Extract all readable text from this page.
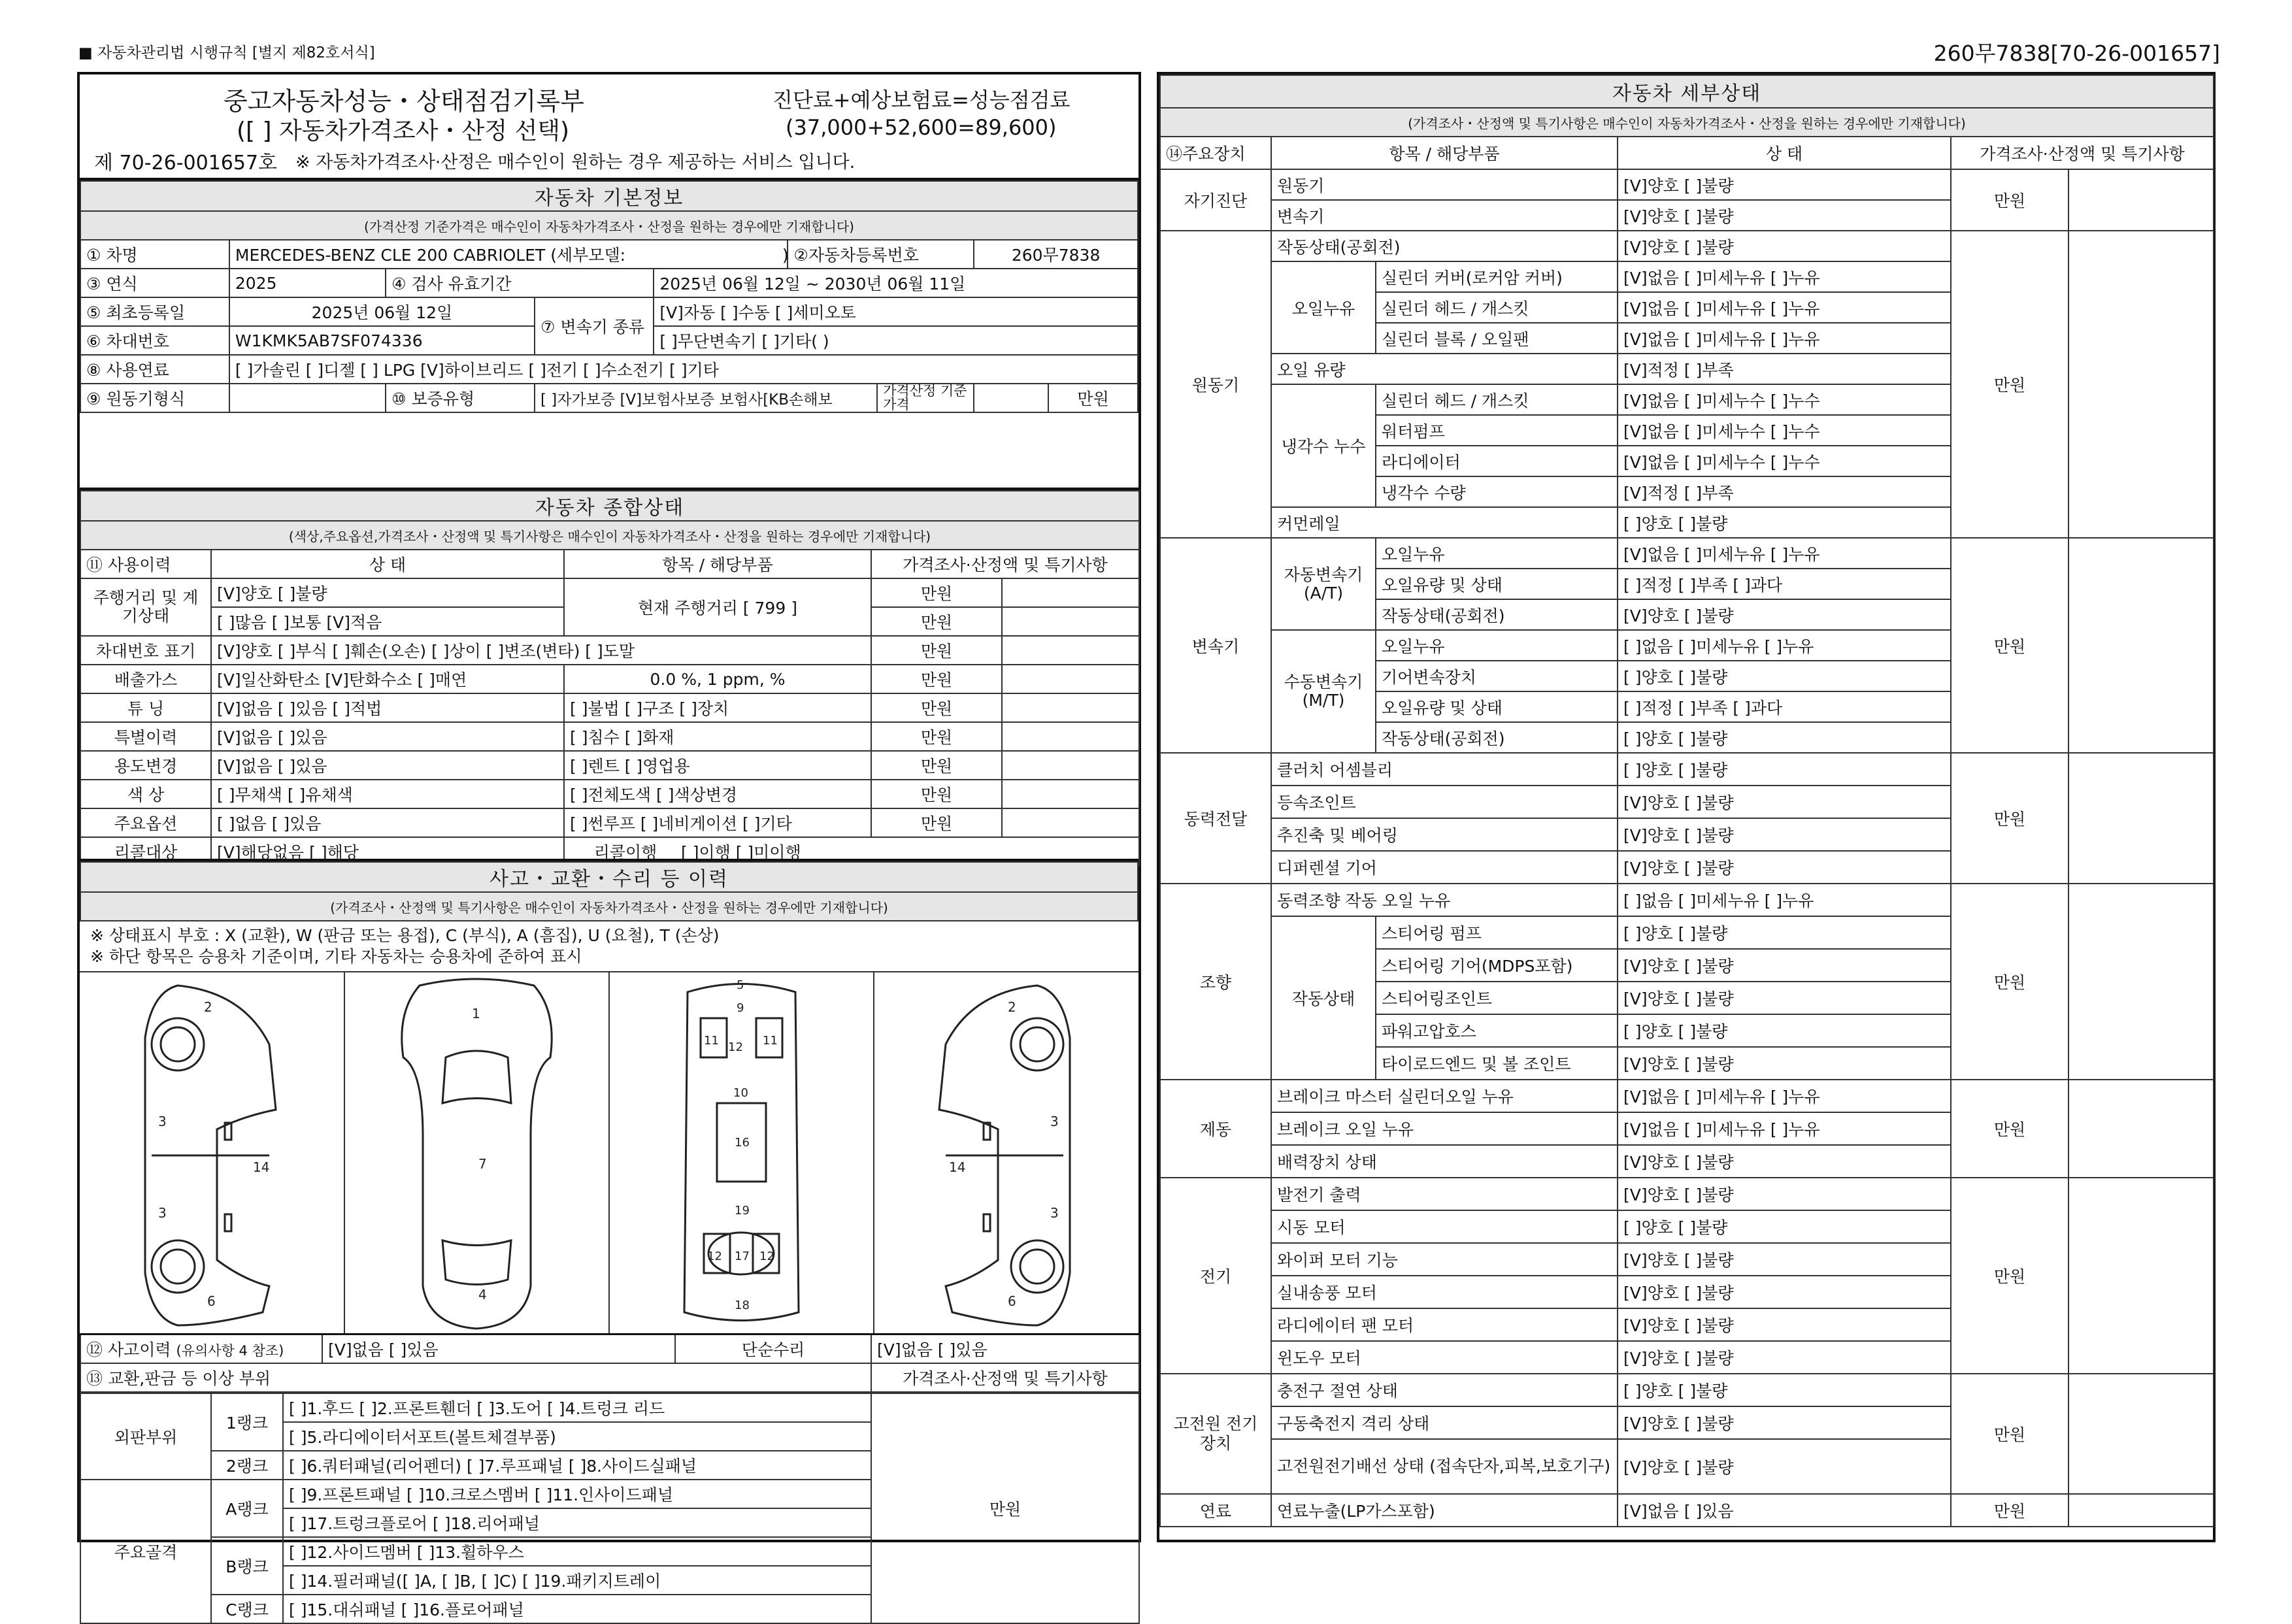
■ 자동차관리법 시행규칙 [별지 제82호서식]	260무7838[70-26-001657]
중고자동차성능・상태점검기록부
([ ] 자동차가격조사・산정 선택)
진단료+예상보험료=성능점검료
(37,000+52,600=89,600)
제 70-26-001657호 ※ 자동차가격조사·산정은 매수인이 원하는 경우 제공하는 서비스 입니다.
자동차 기본정보								
(가격산정 기준가격은 매수인이 자동차가격조사・산정을 원하는 경우에만 기재합니다)								
① 차명	MERCEDES-BENZ CLE 200 CABRIOLET (세부모델: )				②자동차등록번호		260무7838	
③ 연식	2025	④ 검사 유효기간		2025년 06월 12일 ~ 2030년 06월 11일				
⑤ 최초등록일	2025년 06월 12일		⑦ 변속기 종류	[V]자동 [ ]수동 [ ]세미오토				
⑥ 차대번호	W1KMK5AB7SF074336			[ ]무단변속기 [ ]기타( )				
⑧ 사용연료	[ ]가솔린 [ ]디젤 [ ] LPG [V]하이브리드 [ ]전기 [ ]수소전기 [ ]기타							
⑨ 원동기형식		⑩ 보증유형	[ ]자가보증 [V]보험사보증 보험사[KB손해보			가격산정 기준가격		만원
자동차 종합상태				
(색상,주요옵션,가격조사・산정액 및 특기사항은 매수인이 자동차가격조사・산정을 원하는 경우에만 기재합니다)				
⑪ 사용이력	상 태	항목 / 해당부품	가격조사·산정액 및 특기사항	
주행거리 및 계기상태	[V]양호 [ ]불량	현재 주행거리 [ 799 ]	만원	
	[ ]많음 [ ]보통 [V]적음		만원	
차대번호 표기	[V]양호 [ ]부식 [ ]훼손(오손) [ ]상이 [ ]변조(변타) [ ]도말		만원	
배출가스	[V]일산화탄소 [V]탄화수소 [ ]매연	0.0 %, 1 ppm, %	만원	
튜 닝	[V]없음 [ ]있음 [ ]적법	[ ]불법 [ ]구조 [ ]장치	만원	
특별이력	[V]없음 [ ]있음	[ ]침수 [ ]화재	만원	
용도변경	[V]없음 [ ]있음	[ ]렌트 [ ]영업용	만원	
색 상	[ ]무채색 [ ]유채색	[ ]전체도색 [ ]색상변경	만원	
주요옵션	[ ]없음 [ ]있음	[ ]썬루프 [ ]네비게이션 [ ]기타	만원	
리콜대상	[V]해당없음 [ ]해당	리콜이행 [ ]이행 [ ]미이행		
사고・교환・수리 등 이력
(가격조사・산정액 및 특기사항은 매수인이 자동차가격조사・산정을 원하는 경우에만 기재합니다)
※ 상태표시 부호 : X (교환), W (판금 또는 용접), C (부식), A (흠집), U (요철), T (손상)
※ 하단 항목은 승용차 기준이며, 기타 자동차는 승용차에 준하여 표시
2
3
3
14
6
1
7
4
5
9
11	11
12
10
16
19
17
18
12	12
2
3
3
14
6
⑫ 사고이력 (유의사항 4 참조)	[V]없음 [ ]있음	단순수리	[V]없음 [ ]있음
⑬ 교환,판금 등 이상 부위			가격조사·산정액 및 특기사항
외판부위	1랭크	[ ]1.후드 [ ]2.프론트휀더 [ ]3.도어 [ ]4.트렁크 리드	만원
		[ ]5.라디에이터서포트(볼트체결부품)	
	2랭크	[ ]6.쿼터패널(리어펜더) [ ]7.루프패널 [ ]8.사이드실패널	
주요골격	A랭크	[ ]9.프론트패널 [ ]10.크로스멤버 [ ]11.인사이드패널	
		[ ]17.트렁크플로어 [ ]18.리어패널	
	B랭크	[ ]12.사이드멤버 [ ]13.휠하우스	
		[ ]14.필러패널([ ]A, [ ]B, [ ]C) [ ]19.패키지트레이	
	C랭크	[ ]15.대쉬패널 [ ]16.플로어패널	
자동차 세부상태					
(가격조사・산정액 및 특기사항은 매수인이 자동차가격조사・산정을 원하는 경우에만 기재합니다)					
⑭주요장치	항목 / 해당부품		상 태	가격조사·산정액 및 특기사항	
자기진단	원동기		[V]양호 [ ]불량	만원	
	변속기		[V]양호 [ ]불량		
원동기	작동상태(공회전)		[V]양호 [ ]불량	만원	
	오일누유	실린더 커버(로커암 커버)	[V]없음 [ ]미세누유 [ ]누유		
		실린더 헤드 / 개스킷	[V]없음 [ ]미세누유 [ ]누유		
		실린더 블록 / 오일팬	[V]없음 [ ]미세누유 [ ]누유		
	오일 유량		[V]적정 [ ]부족		
	냉각수 누수	실린더 헤드 / 개스킷	[V]없음 [ ]미세누수 [ ]누수		
		워터펌프	[V]없음 [ ]미세누수 [ ]누수		
		라디에이터	[V]없음 [ ]미세누수 [ ]누수		
		냉각수 수량	[V]적정 [ ]부족		
	커먼레일		[ ]양호 [ ]불량		
변속기	자동변속기 (A/T)	오일누유	[V]없음 [ ]미세누유 [ ]누유	만원	
		오일유량 및 상태	[ ]적정 [ ]부족 [ ]과다		
		작동상태(공회전)	[V]양호 [ ]불량		
	수동변속기 (M/T)	오일누유	[ ]없음 [ ]미세누유 [ ]누유		
		기어변속장치	[ ]양호 [ ]불량		
		오일유량 및 상태	[ ]적정 [ ]부족 [ ]과다		
		작동상태(공회전)	[ ]양호 [ ]불량		
동력전달	클러치 어셈블리		[ ]양호 [ ]불량	만원	
	등속조인트		[V]양호 [ ]불량		
	추진축 및 베어링		[V]양호 [ ]불량		
	디퍼렌셜 기어		[V]양호 [ ]불량		
조향	동력조향 작동 오일 누유		[ ]없음 [ ]미세누유 [ ]누유	만원	
	작동상태	스티어링 펌프	[ ]양호 [ ]불량		
		스티어링 기어(MDPS포함)	[V]양호 [ ]불량		
		스티어링조인트	[V]양호 [ ]불량		
		파워고압호스	[ ]양호 [ ]불량		
		타이로드엔드 및 볼 조인트	[V]양호 [ ]불량		
제동	브레이크 마스터 실린더오일 누유		[V]없음 [ ]미세누유 [ ]누유	만원	
	브레이크 오일 누유		[V]없음 [ ]미세누유 [ ]누유		
	배력장치 상태		[V]양호 [ ]불량		
전기	발전기 출력		[V]양호 [ ]불량	만원	
	시동 모터		[ ]양호 [ ]불량		
	와이퍼 모터 기능		[V]양호 [ ]불량		
	실내송풍 모터		[V]양호 [ ]불량		
	라디에이터 팬 모터		[V]양호 [ ]불량		
	윈도우 모터		[V]양호 [ ]불량		
고전원 전기장치	충전구 절연 상태		[ ]양호 [ ]불량	만원	
	구동축전지 격리 상태		[V]양호 [ ]불량		
	고전원전기배선 상태 (접속단자,피복,보호기구)		[V]양호 [ ]불량		
연료	연료누출(LP가스포함)		[V]없음 [ ]있음	만원	
